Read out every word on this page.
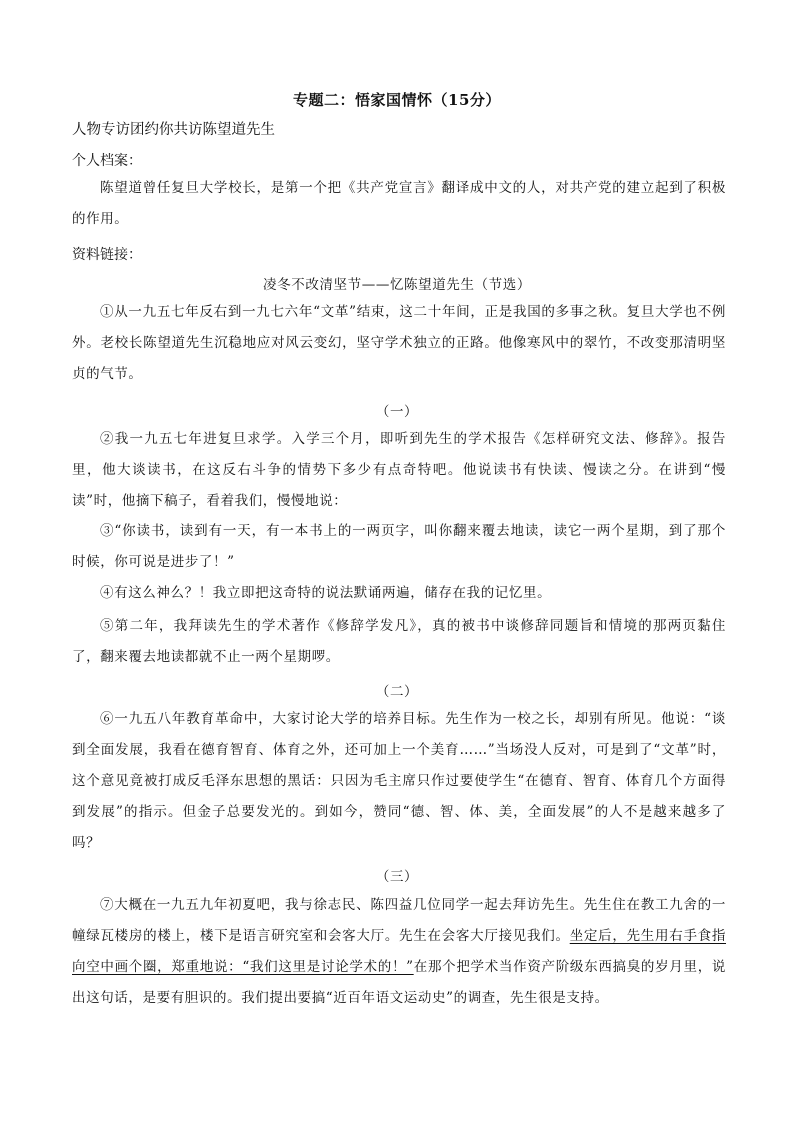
专题二：悟家国情怀（15分）
人物专访团约你共访陈望道先生
个人档案：
陈望道曾任复旦大学校长，是第一个把《共产党宣言》翻译成中文的人，对共产党的建立起到了积极的作用。
资料链接：
凌冬不改清坚节——忆陈望道先生（节选）
①从一九五七年反右到一九七六年“文革”结束，这二十年间，正是我国的多事之秋。复旦大学也不例外。老校长陈望道先生沉稳地应对风云变幻，坚守学术独立的正路。他像寒风中的翠竹，不改变那清明坚贞的气节。
（一）
②我一九五七年进复旦求学。入学三个月，即听到先生的学术报告《怎样研究文法、修辞》。报告里，他大谈读书，在这反右斗争的情势下多少有点奇特吧。他说读书有快读、慢读之分。在讲到“慢读”时，他摘下稿子，看着我们，慢慢地说：
③“你读书，读到有一天，有一本书上的一两页字，叫你翻来覆去地读，读它一两个星期，到了那个时候，你可说是进步了！”
④有这么神么？！我立即把这奇特的说法默诵两遍，储存在我的记忆里。
⑤第二年，我拜读先生的学术著作《修辞学发凡》，真的被书中谈修辞同题旨和情境的那两页黏住了，翻来覆去地读都就不止一两个星期啰。
（二）
⑥一九五八年教育革命中，大家讨论大学的培养目标。先生作为一校之长，却别有所见。他说：“谈到全面发展，我看在德育智育、体育之外，还可加上一个美育……”当场没人反对，可是到了“文革”时，这个意见竟被打成反毛泽东思想的黑话：只因为毛主席只作过要使学生“在德育、智育、体育几个方面得到发展”的指示。但金子总要发光的。到如今，赞同“德、智、体、美，全面发展”的人不是越来越多了吗？
（三）
⑦大概在一九五九年初夏吧，我与徐志民、陈四益几位同学一起去拜访先生。先生住在教工九舍的一幢绿瓦楼房的楼上，楼下是语言研究室和会客大厅。先生在会客大厅接见我们。坐定后，先生用右手食指向空中画个圈，郑重地说：“我们这里是讨论学术的！”在那个把学术当作资产阶级东西搞臭的岁月里，说出这句话，是要有胆识的。我们提出要搞“近百年语文运动史”的调查，先生很是支持。
